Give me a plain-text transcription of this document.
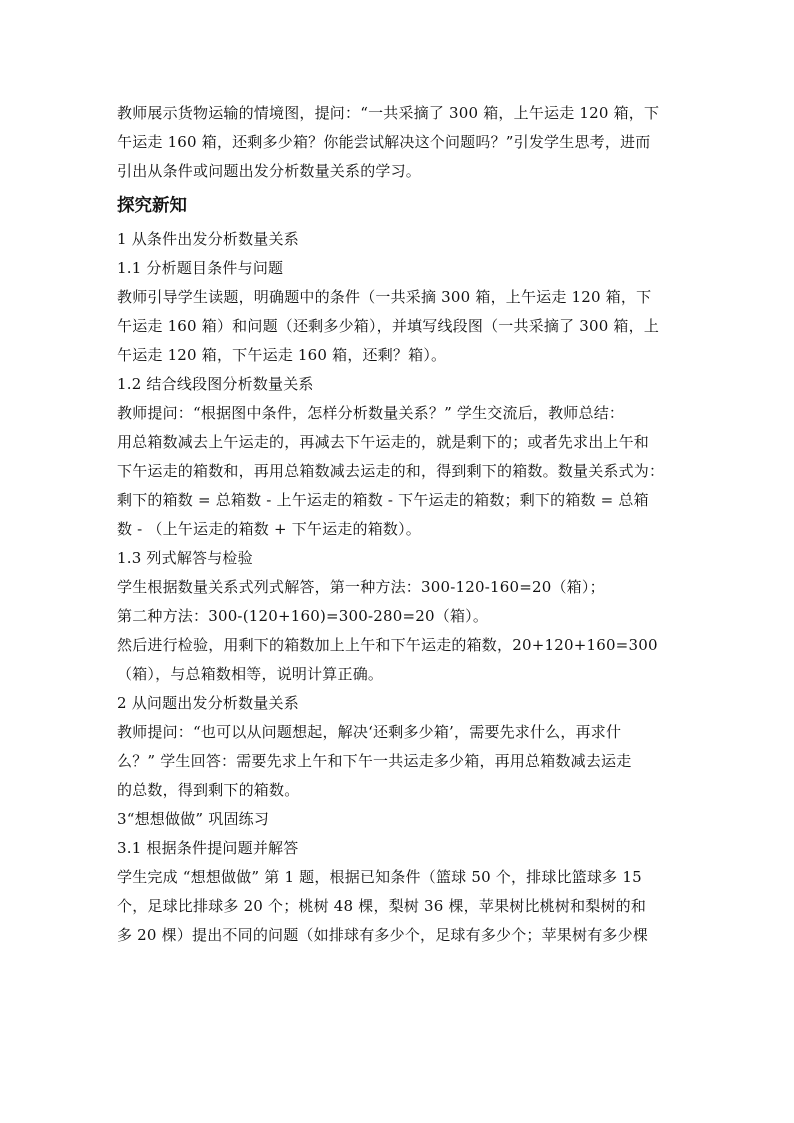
教师展示货物运输的情境图，提问：“一共采摘了 300 箱，上午运走 120 箱，下
午运走 160 箱，还剩多少箱？你能尝试解决这个问题吗？”引发学生思考，进而
引出从条件或问题出发分析数量关系的学习。
探究新知
1 从条件出发分析数量关系
1.1 分析题目条件与问题
教师引导学生读题，明确题中的条件（一共采摘 300 箱，上午运走 120 箱，下
午运走 160 箱）和问题（还剩多少箱），并填写线段图（一共采摘了 300 箱，上
午运走 120 箱，下午运走 160 箱，还剩？箱）。
1.2 结合线段图分析数量关系
教师提问：“根据图中条件，怎样分析数量关系？” 学生交流后，教师总结：
用总箱数减去上午运走的，再减去下午运走的，就是剩下的；或者先求出上午和
下午运走的箱数和，再用总箱数减去运走的和，得到剩下的箱数。数量关系式为：
剩下的箱数 = 总箱数 - 上午运走的箱数 - 下午运走的箱数；剩下的箱数 = 总箱
数 - （上午运走的箱数 + 下午运走的箱数）。
1.3 列式解答与检验
学生根据数量关系式列式解答，第一种方法：300-120-160=20（箱）；
第二种方法：300-(120+160)=300-280=20（箱）。
然后进行检验，用剩下的箱数加上上午和下午运走的箱数，20+120+160=300
（箱），与总箱数相等，说明计算正确。
2 从问题出发分析数量关系
教师提问：“也可以从问题想起，解决‘还剩多少箱’，需要先求什么，再求什
么？” 学生回答：需要先求上午和下午一共运走多少箱，再用总箱数减去运走
的总数，得到剩下的箱数。
3“想想做做” 巩固练习
3.1 根据条件提问题并解答
学生完成 “想想做做” 第 1 题，根据已知条件（篮球 50 个，排球比篮球多 15
个，足球比排球多 20 个；桃树 48 棵，梨树 36 棵，苹果树比桃树和梨树的和
多 20 棵）提出不同的问题（如排球有多少个，足球有多少个；苹果树有多少棵
